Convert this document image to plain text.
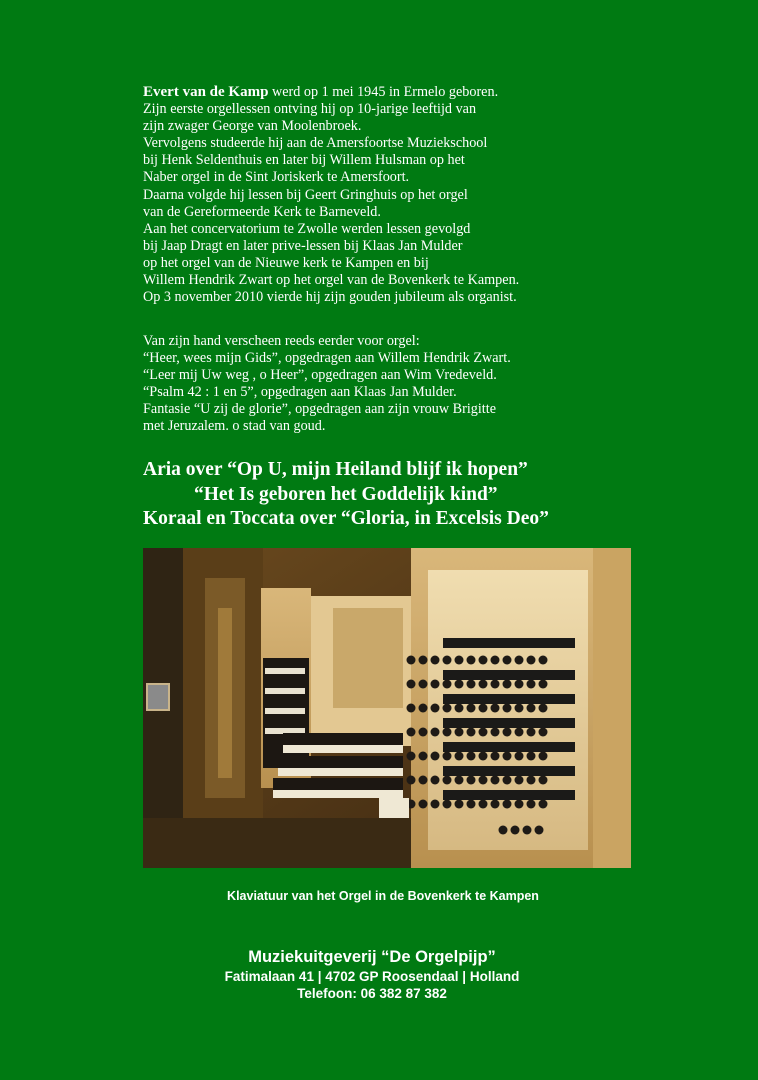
Evert van de Kamp werd op 1 mei 1945 in Ermelo geboren.

Zijn eerste orgellessen ontving hij op 10-jarige leeftijd van

zijn zwager George van Moolenbroek.

Vervolgens studeerde hij aan de Amersfoortse Muziekschool

bij Henk Seldenthuis en later bij Willem Hulsman op het

Naber orgel in de Sint Joriskerk te Amersfoort.

Daarna volgde hij lessen bij Geert Gringhuis op het orgel

van de Gereformeerde Kerk te Barneveld.

Aan het concervatorium te Zwolle werden lessen gevolgd

bij Jaap Dragt en later prive-lessen bij Klaas Jan Mulder

op het orgel van de Nieuwe kerk te Kampen en bij

Willem Hendrik Zwart op het orgel van de Bovenkerk te Kampen.

Op 3 november 2010 vierde hij zijn gouden jubileum als organist.

Van zijn hand verscheen reeds eerder voor orgel:

“Heer, wees mijn Gids”, opgedragen aan Willem Hendrik Zwart.

“Leer mij Uw weg , o Heer”, opgedragen aan Wim Vredeveld.

“Psalm 42 : 1 en 5”, opgedragen aan Klaas Jan Mulder.

Fantasie “U zij de glorie”, opgedragen aan zijn vrouw Brigitte

met Jeruzalem. o stad van goud.

Aria over “Op U, mijn Heiland blijf ik hopen”

“Het Is geboren het Goddelijk kind”

Koraal en Toccata over “Gloria, in Excelsis Deo”

Klaviatuur van het Orgel in de Bovenkerk te Kampen
Muziekuitgeverij “De Orgelpijp”
Fatimalaan 41 | 4702 GP Roosendaal | Holland
Telefoon: 06 382 87 382
